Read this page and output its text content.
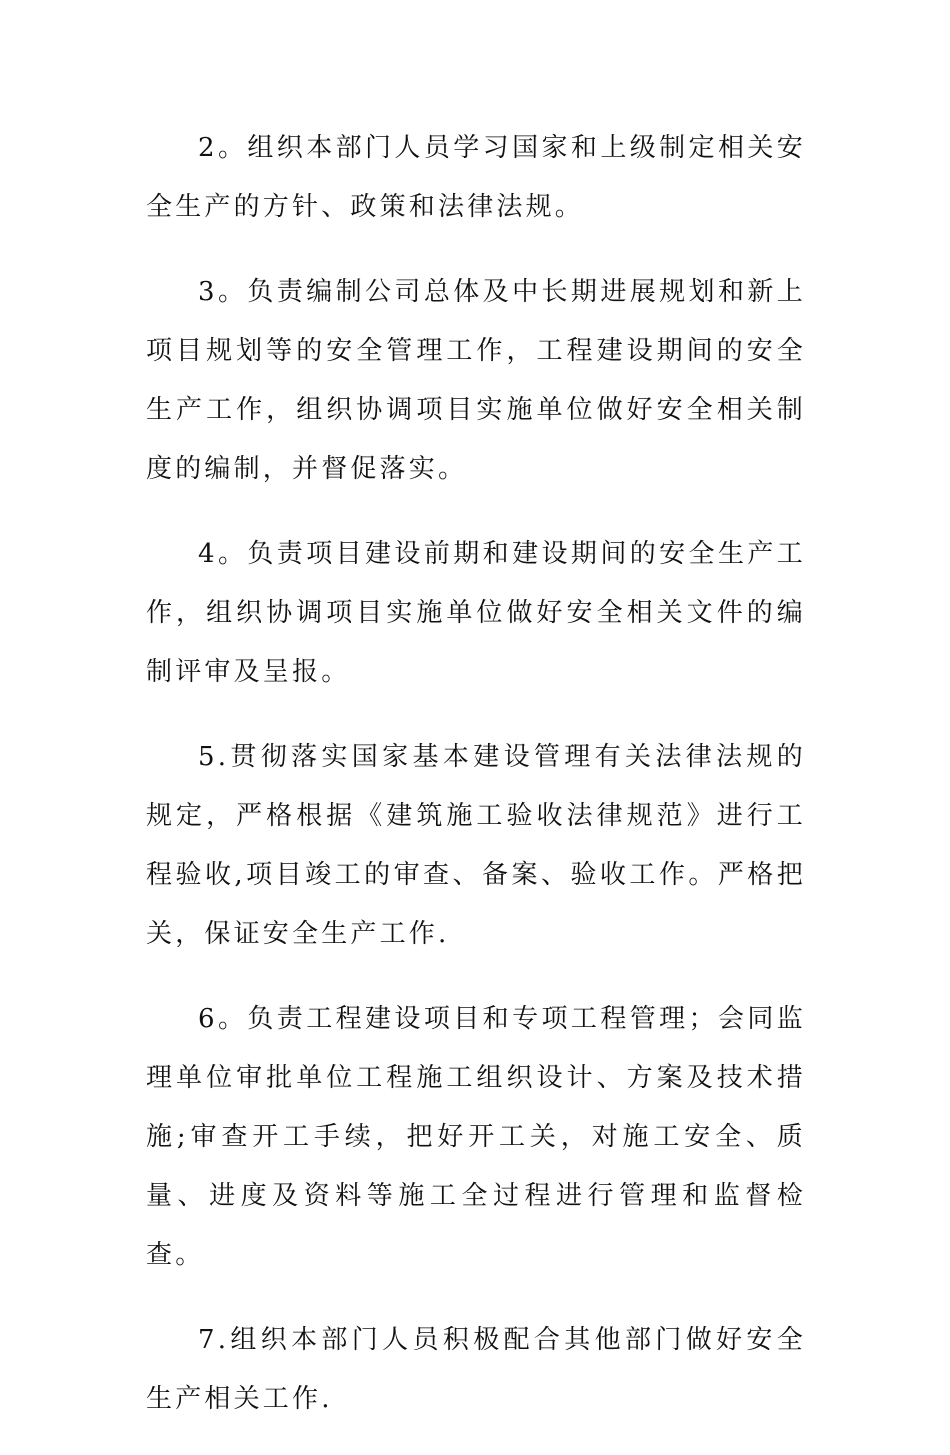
2。组织本部门人员学习国家和上级制定相关安全生产的方针、政策和法律法规。

3。负责编制公司总体及中长期进展规划和新上项目规划等的安全管理工作，工程建设期间的安全生产工作，组织协调项目实施单位做好安全相关制度的编制，并督促落实。

4。负责项目建设前期和建设期间的安全生产工作，组织协调项目实施单位做好安全相关文件的编制评审及呈报。

5.贯彻落实国家基本建设管理有关法律法规的规定，严格根据《建筑施工验收法律规范》进行工程验收,项目竣工的审查、备案、验收工作。严格把关，保证安全生产工作.

6。负责工程建设项目和专项工程管理；会同监理单位审批单位工程施工组织设计、方案及技术措施;审查开工手续，把好开工关，对施工安全、质量、进度及资料等施工全过程进行管理和监督检查。

7.组织本部门人员积极配合其他部门做好安全生产相关工作.
